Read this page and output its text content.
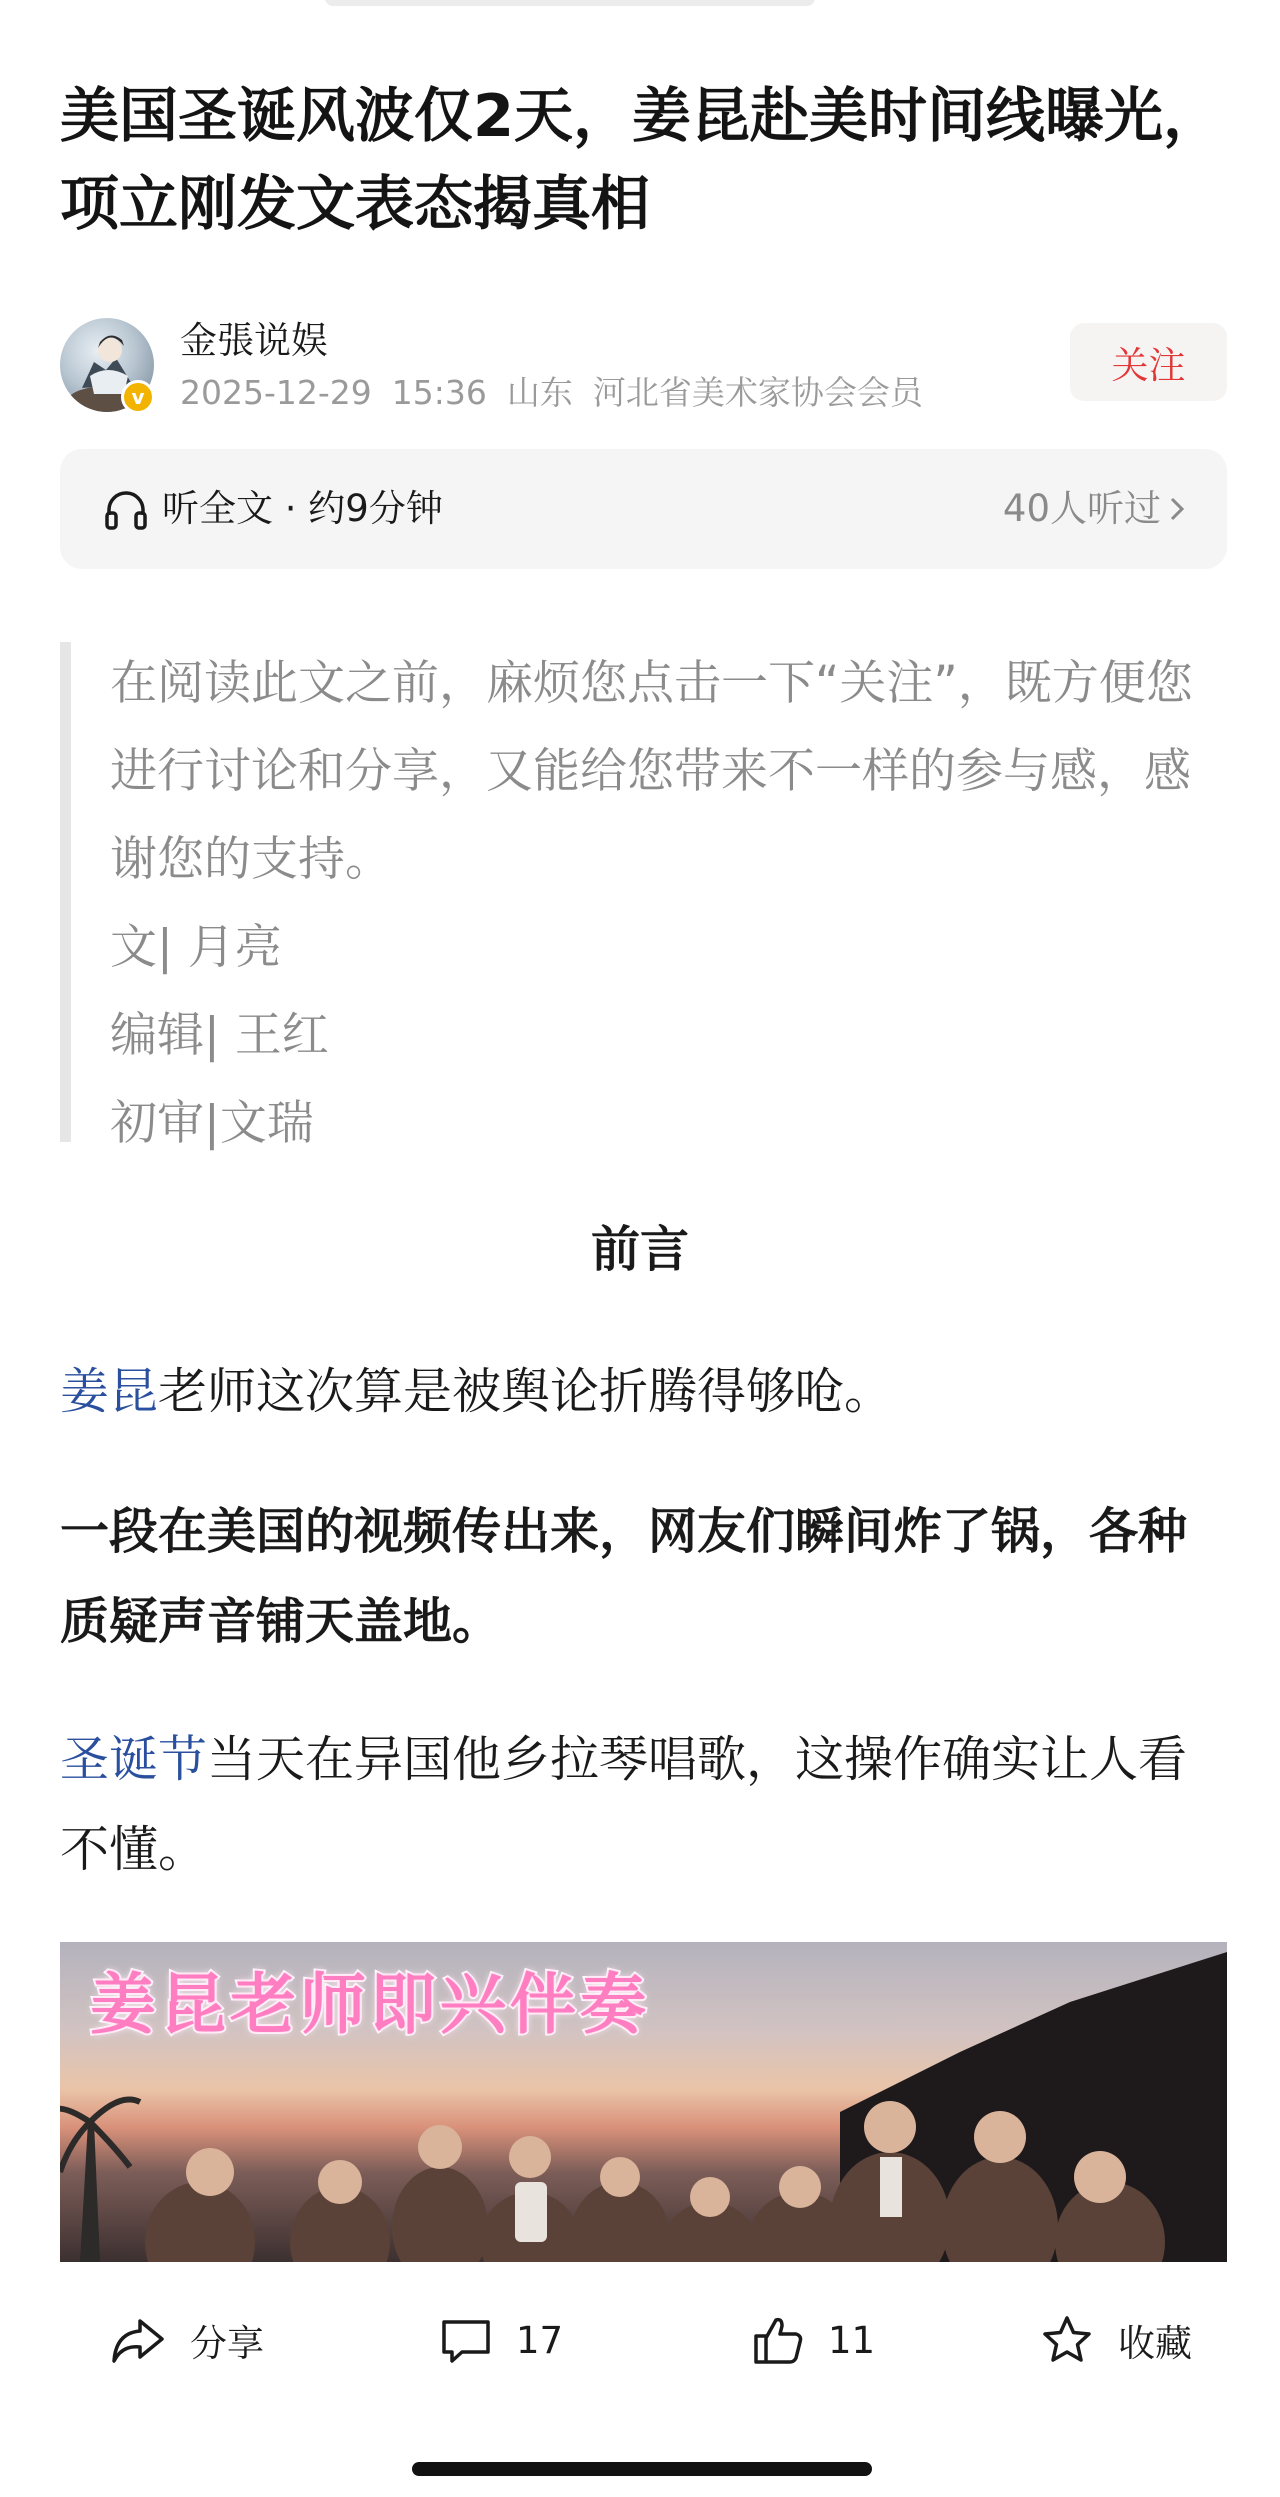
美国圣诞风波仅2天，姜昆赴美时间线曝光，项立刚发文表态揭真相
v
金張说娱
2025-12-29 15:36 山东 河北省美术家协会会员
关注
听全文 · 约9分钟	40人听过

在阅读此文之前，麻烦您点击一下“关注”，既方便您进行讨论和分享，又能给您带来不一样的参与感，感谢您的支持。

文| 月亮
编辑| 王红
初审|文瑞
前言

姜昆老师这次算是被舆论折腾得够呛。

一段在美国的视频传出来，网友们瞬间炸了锅，各种质疑声音铺天盖地。

圣诞节当天在异国他乡拉琴唱歌，这操作确实让人看不懂。

姜昆老师即兴伴奏
分享	17	11	收藏
